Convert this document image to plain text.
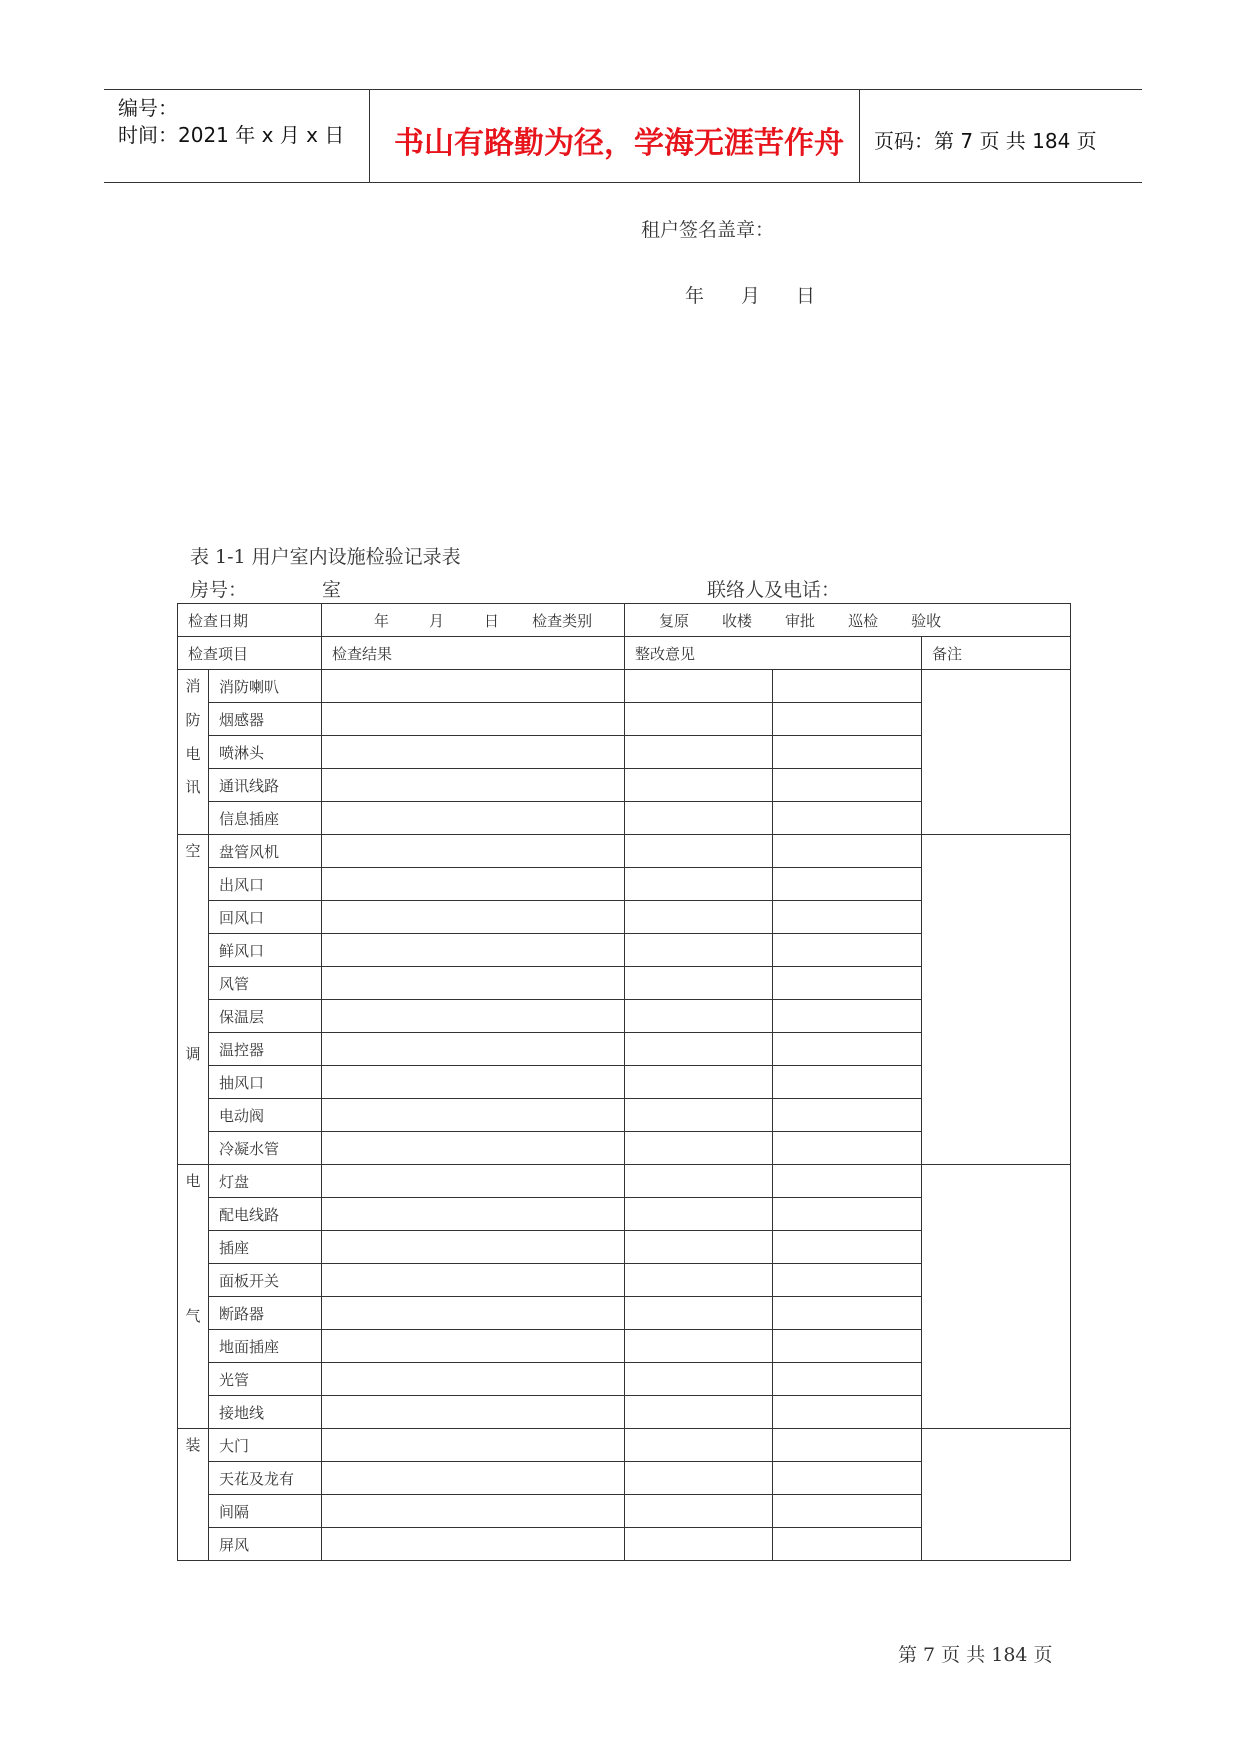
编号：
时间：2021 年 x 月 x 日 书山有路勤为径，学海无涯苦作舟 页码：第 7 页 共 184 页
租户签名盖章：
年 月 日
表 1-1 用户室内设施检验记录表
房号：	室	联络人及电话：
检查日期		年 月 日 检查类别	复原 收楼 审批 巡检 验收		

检查项目		检查结果	整改意见		备注

消
防
电
讯	消防喇叭				
	烟感器				
	喷淋头				
	通讯线路				
	信息插座				

空
调	盘管风机				
	出风口				
	回风口				
	鲜风口				
	风管				
	保温层				
	温控器				
	抽风口				
	电动阀				
	冷凝水管				

电
气	灯盘				
	配电线路				
	插座				
	面板开关				
	断路器				
	地面插座				
	光管				
	接地线				

装	大门				
	天花及龙有				
	间隔				
	屏风				
第 7 页 共 184 页
